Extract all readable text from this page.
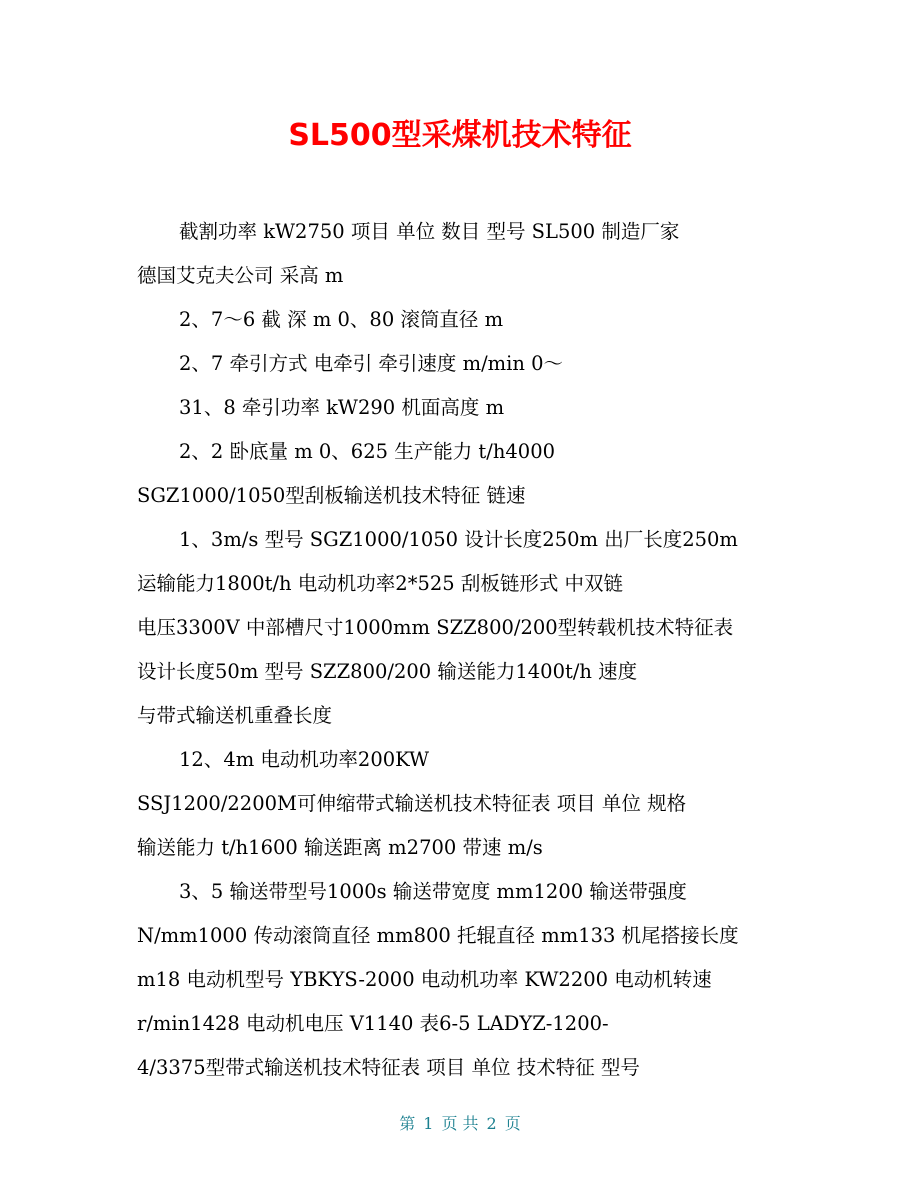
SL500型采煤机技术特征
截割功率 kW2750 项目 单位 数目 型号 SL500 制造厂家
德国艾克夫公司 采高 m
2、7～6 截 深 m 0、80 滚筒直径 m
2、7 牵引方式 电牵引 牵引速度 m/min 0～
31、8 牵引功率 kW290 机面高度 m
2、2 卧底量 m 0、625 生产能力 t/h4000
SGZ1000/1050型刮板输送机技术特征 链速
1、3m/s 型号 SGZ1000/1050 设计长度250m 出厂长度250m
运输能力1800t/h 电动机功率2*525 刮板链形式 中双链
电压3300V 中部槽尺寸1000mm SZZ800/200型转载机技术特征表
设计长度50m 型号 SZZ800/200 输送能力1400t/h 速度
与带式输送机重叠长度
12、4m 电动机功率200KW
SSJ1200/2200M可伸缩带式输送机技术特征表 项目 单位 规格
输送能力 t/h1600 输送距离 m2700 带速 m/s
3、5 输送带型号1000s 输送带宽度 mm1200 输送带强度
N/mm1000 传动滚筒直径 mm800 托辊直径 mm133 机尾搭接长度
m18 电动机型号 YBKYS-2000 电动机功率 KW2200 电动机转速
r/min1428 电动机电压 V1140 表6-5 LADYZ-1200-
4/3375型带式输送机技术特征表 项目 单位 技术特征 型号
第 1 页 共 2 页
